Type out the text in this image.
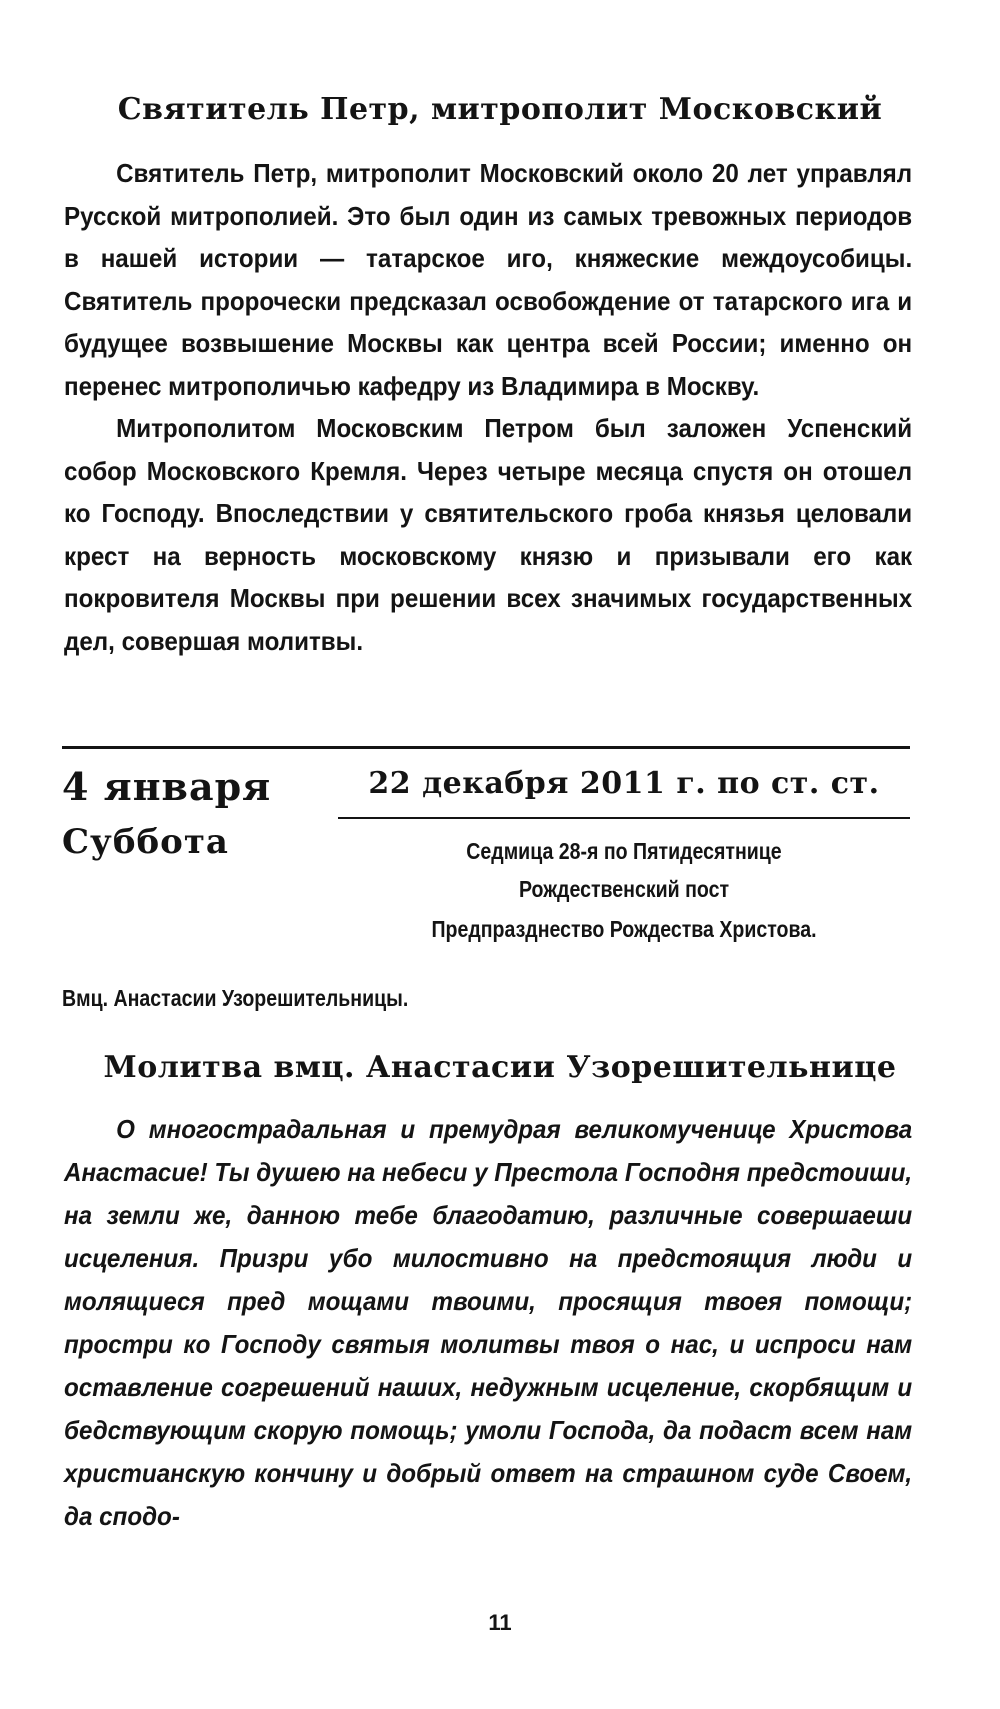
Святитель Петр, митрополит Московский

Святитель Петр, митрополит Московский около 20 лет управлял Русской митрополией. Это был один из самых тревожных периодов в нашей истории — татарское иго, княжеские междоусобицы. Святитель пророчески предсказал освобождение от татарского ига и будущее возвышение Москвы как центра всей России; именно он перенес митрополичью кафедру из Владимира в Москву.

Митрополитом Московским Петром был заложен Успенский собор Московского Кремля. Через четыре месяца спустя он отошел ко Господу. Впоследствии у святительского гроба князья целовали крест на верность московскому князю и призывали его как покровителя Москвы при решении всех значимых государственных дел, совершая молитвы.

4 января
Суббота
22 декабря 2011 г. по ст. ст.
Седмица 28-я по Пятидесятнице
Рождественский пост
Предпразднество Рождества Христова.
Вмц. Анастасии Узорешительницы.
Молитва вмц. Анастасии Узорешительнице

О многострадальная и премудрая великомученице Христова Анастасие! Ты душею на небеси у Престола Господня предстоиши, на земли же, данною тебе благодатию, различные совершаеши исцеления. Призри убо милостивно на предстоящия люди и молящиеся пред мощами твоими, просящия твоея помощи; простри ко Господу святыя молитвы твоя о нас, и испроси нам оставление согрешений наших, недужным исцеление, скорбящим и бедствующим скорую помощь; умоли Господа, да подаст всем нам христианскую кончину и добрый ответ на страшном суде Своем, да сподо-

11
